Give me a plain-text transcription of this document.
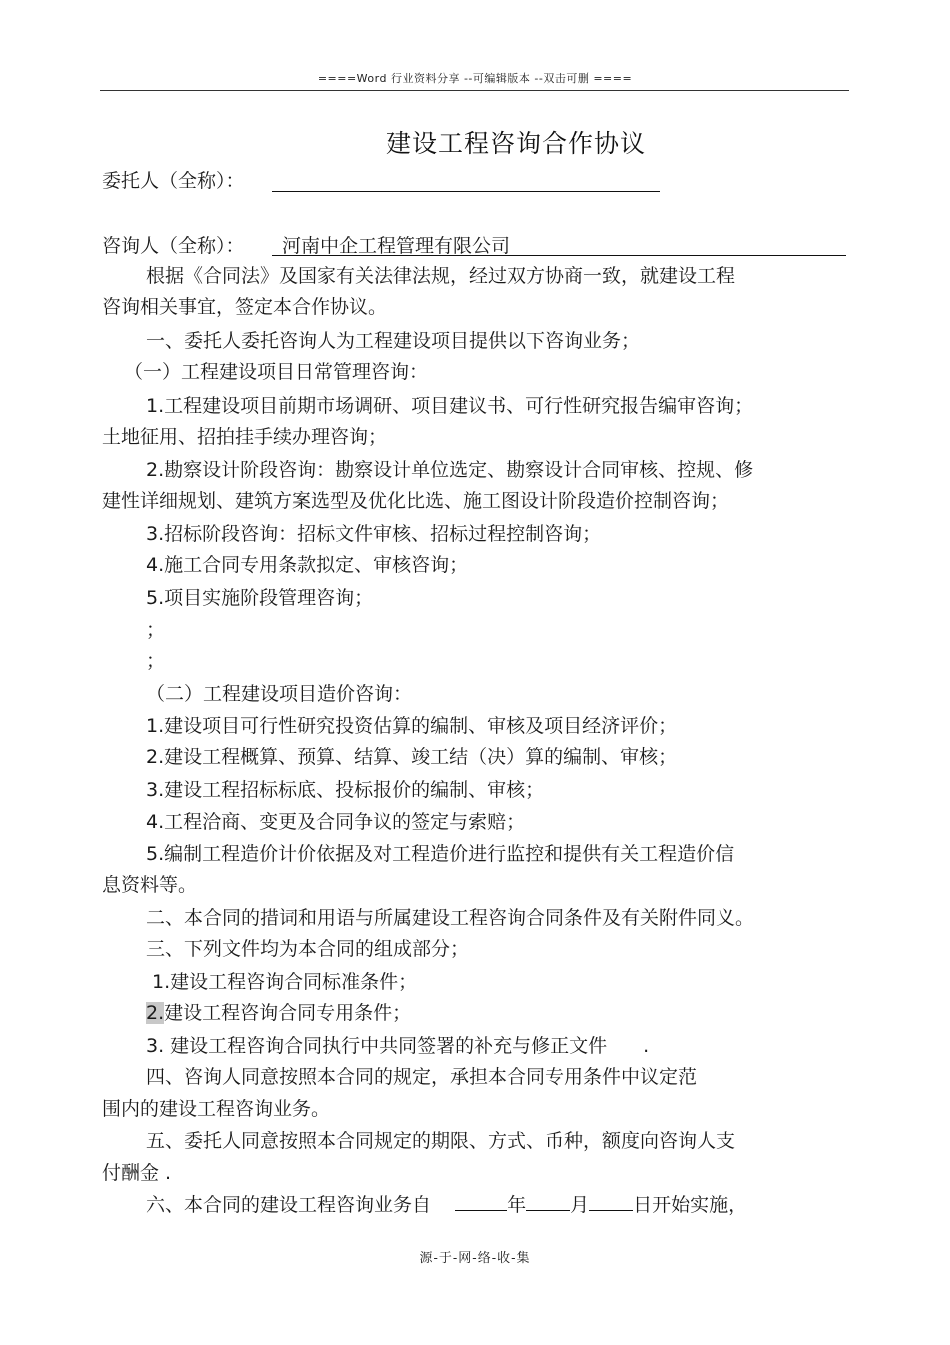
====Word 行业资料分享 --可编辑版本 --双击可删 ====
建设工程咨询合作协议
委托人（全称）：
咨询人（全称）：	河南中企工程管理有限公司
根据《合同法》及国家有关法律法规，经过双方协商一致，就建设工程
咨询相关事宜，签定本合作协议。
一、委托人委托咨询人为工程建设项目提供以下咨询业务；
（一）工程建设项目日常管理咨询：
1.工程建设项目前期市场调研、项目建议书、可行性研究报告编审咨询；
土地征用、招拍挂手续办理咨询；
2.勘察设计阶段咨询：勘察设计单位选定、勘察设计合同审核、控规、修
建性详细规划、建筑方案选型及优化比选、施工图设计阶段造价控制咨询；
3.招标阶段咨询：招标文件审核、招标过程控制咨询；
4.施工合同专用条款拟定、审核咨询；
5.项目实施阶段管理咨询；
；
；
（二）工程建设项目造价咨询：
1.建设项目可行性研究投资估算的编制、审核及项目经济评价；
2.建设工程概算、预算、结算、竣工结（决）算的编制、审核；
3.建设工程招标标底、投标报价的编制、审核；
4.工程洽商、变更及合同争议的签定与索赔；
5.编制工程造价计价依据及对工程造价进行监控和提供有关工程造价信
息资料等。
二、本合同的措词和用语与所属建设工程咨询合同条件及有关附件同义。
三、下列文件均为本合同的组成部分；
1.建设工程咨询合同标准条件；
2.建设工程咨询合同专用条件；
3. 建设工程咨询合同执行中共同签署的补充与修正文件 .
四、咨询人同意按照本合同的规定，承担本合同专用条件中议定范
围内的建设工程咨询业务。
五、委托人同意按照本合同规定的期限、方式、币种，额度向咨询人支
付酬金 .
六、本合同的建设工程咨询业务自	年 月 日开始实施，
源-于-网-络-收-集
